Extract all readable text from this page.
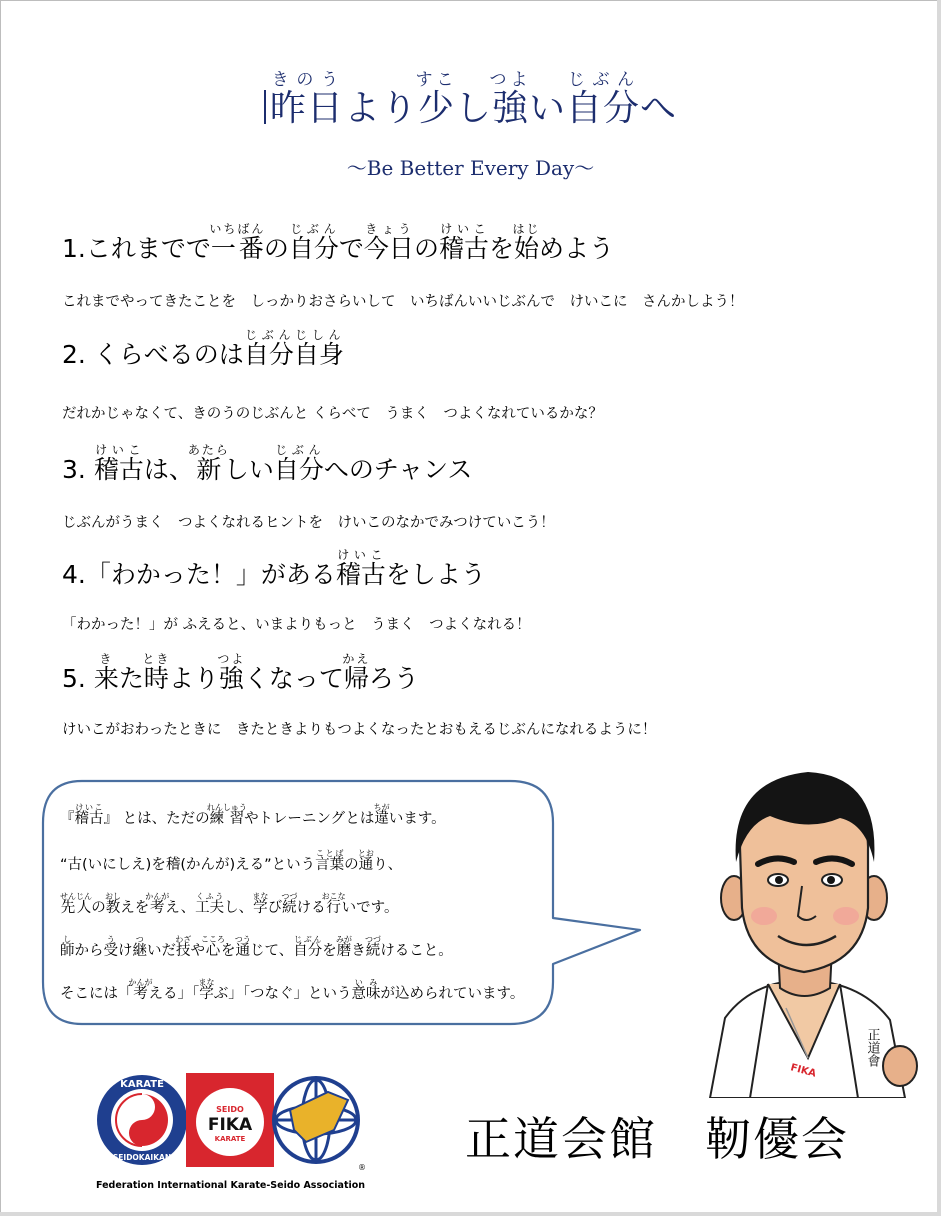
昨日きのうより少すこし強つよい自分じぶんへ
～Be Better Every Day～
1.これまでで一番いちばんの自分じぶんで今日きょうの稽古けいこを始はじめよう
これまでやってきたことを　しっかりおさらいして　いちばんいいじぶんで　けいこに　さんかしよう！
2. くらべるのは自分自身じぶんじしん
だれかじゃなくて、きのうのじぶんと くらべて　うまく　つよくなれているかな？
3. 稽古けいこは、新あたらしい自分じぶんへのチャンス
じぶんがうまく　つよくなれるヒントを　けいこのなかでみつけていこう！
4.「わかった！」がある稽古けいこをしよう
「わかった！」が ふえると、いまよりもっと　うまく　つよくなれる！
5. 来きた時ときより強つよくなって帰かえろう
けいこがおわったときに　きたときよりもつよくなったとおもえるじぶんになれるように！
『稽古けいこ』 とは、ただの練習れんしゅうやトレーニングとは違ちがいます。
“古(いにしえ)を稽(かんが)える”という言葉ことばの通とおり、
先人せんじんの教おしえを考かんがえ、工夫くふうし、学まなび続つづける行おこないです。
師しから受うけ継ついだ技わざや心こころを通つうじて、自分じぶんを磨みがき続つづけること。
そこには「考かんがえる」「学まなぶ」「つなぐ」という意味いみが込められています。
FIKA
正道會
KARATE
SEIDOKAIKAN
SEIDO
FIKA
KARATE
®
Federation International Karate-Seido Association
正道会館　靭優会
